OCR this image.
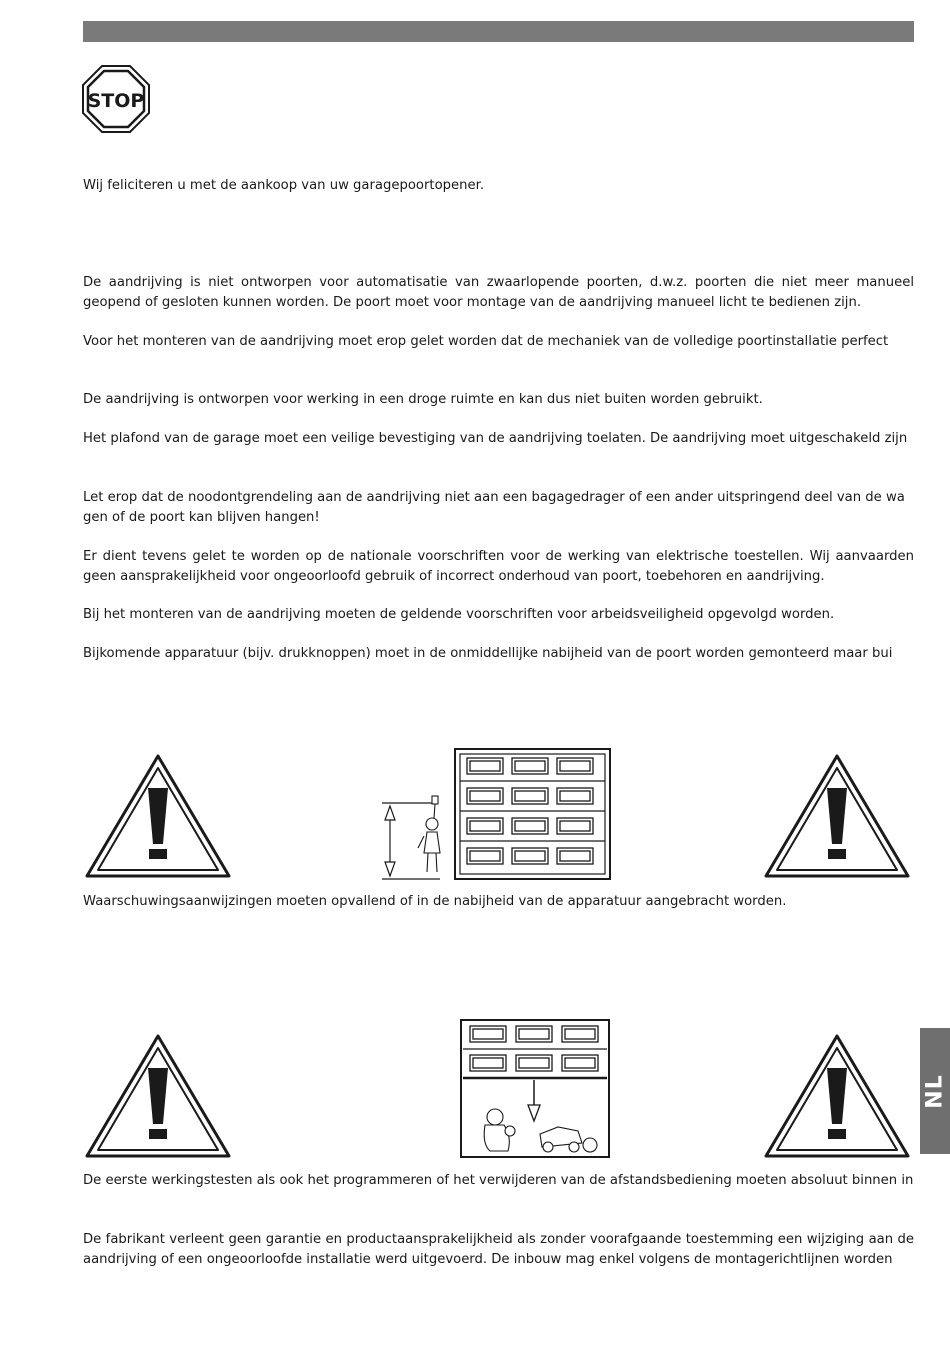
STOP

Wij feliciteren u met de aankoop van uw garagepoortopener.

De aandrijving is niet ontworpen voor automatisatie van zwaarlopende poorten, d.w.z. poorten die niet meer manueel geopend of gesloten kunnen worden. De poort moet voor montage van de aandrijving manueel licht te bedienen zijn.

Voor het monteren van de aandrijving moet erop gelet worden dat de mechaniek van de volledige poortinstallatie perfect

De aandrijving is ontworpen voor werking in een droge ruimte en kan dus niet buiten worden gebruikt.

Het plafond van de garage moet een veilige bevestiging van de aandrijving toelaten. De aandrijving moet uitgeschakeld zijn

Let erop dat de noodontgrendeling aan de aandrijving niet aan een bagagedrager of een ander uitspringend deel van de wa gen of de poort kan blijven hangen!

Er dient tevens gelet te worden op de nationale voorschriften voor de werking van elektrische toestellen. Wij aanvaarden geen aansprakelijkheid voor ongeoorloofd gebruik of incorrect onderhoud van poort, toebehoren en aandrijving.

Bij het monteren van de aandrijving moeten de geldende voorschriften voor arbeidsveiligheid opgevolgd worden.

Bijkomende apparatuur (bijv. drukknoppen) moet in de onmiddellijke nabijheid van de poort worden gemonteerd maar bui

Waarschuwingsaanwijzingen moeten opvallend of in de nabijheid van de apparatuur aangebracht worden.

NL

De eerste werkingstesten als ook het programmeren of het verwijderen van de afstandsbediening moeten absoluut binnen in

De fabrikant verleent geen garantie en productaansprakelijkheid als zonder voorafgaande toestemming een wijziging aan de aandrijving of een ongeoorloofde installatie werd uitgevoerd. De inbouw mag enkel volgens de montagerichtlijnen worden
